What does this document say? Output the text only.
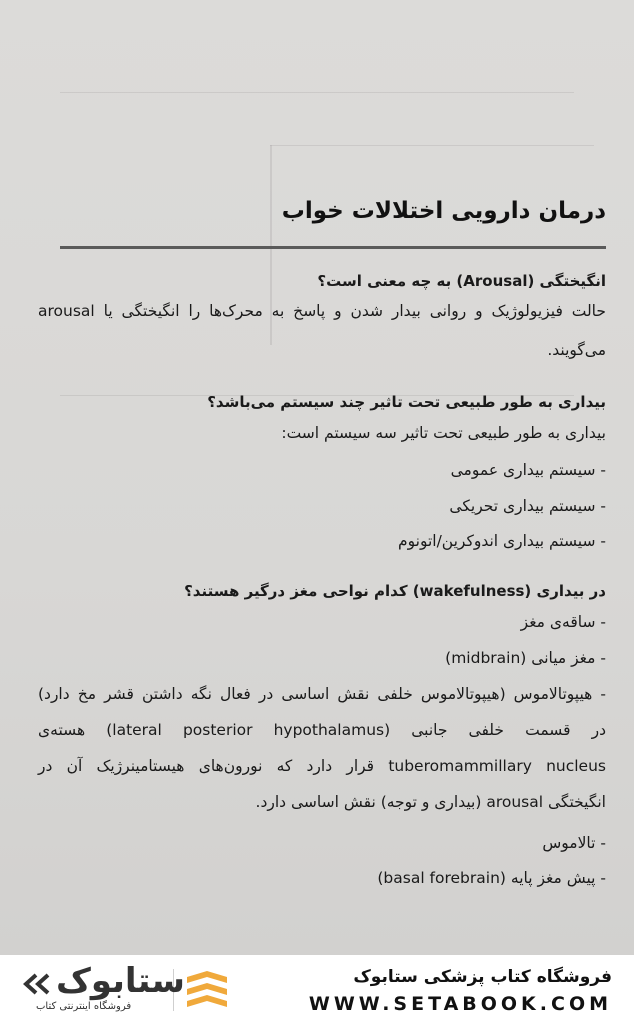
درمان دارویی اختلالات خواب
انگیختگی (Arousal) به چه معنی است؟
حالت فیزیولوژیک و روانی بیدار شدن و پاسخ به محرک‌ها را انگیختگی یا arousal
می‌گویند.
بیداری به طور طبیعی تحت تاثیر چند سیستم می‌باشد؟
بیداری به طور طبیعی تحت تاثیر سه سیستم است:
- سیستم بیداری عمومی
- سیستم بیداری تحریکی
- سیستم بیداری اندوکرین/اتونوم
در بیداری (wakefulness) کدام نواحی مغز درگیر هستند؟
- ساقه‌ی مغز
- مغز میانی (midbrain)
- هیپوتالاموس (هیپوتالاموس خلفی نقش اساسی در فعال نگه داشتن قشر مخ دارد)
در قسمت خلفی جانبی (lateral posterior hypothalamus) هسته‌ی
tuberomammillary nucleus قرار دارد که نورون‌های هیستامینرژیک آن در
انگیختگی arousal (بیداری و توجه) نقش اساسی دارد.
- تالاموس
- پیش مغز پایه (basal forebrain)
فروشگاه کتاب پزشکی ستابوک
WWW.SETABOOK.COM
ستابوک
فروشگاه اینترنتی کتاب
